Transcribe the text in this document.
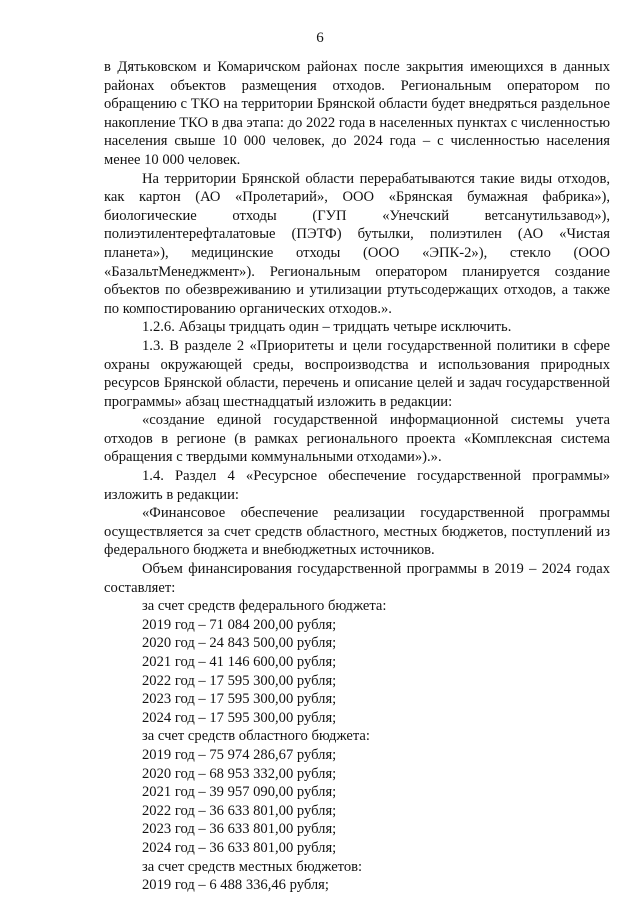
6

в Дятьковском и Комаричском районах после закрытия имеющихся в данных районах объектов размещения отходов. Региональным оператором по обращению с ТКО на территории Брянской области будет внедряться раздельное накопление ТКО в два этапа: до 2022 года в населенных пунктах с численностью населения свыше 10 000 человек, до 2024 года – с численностью населения менее 10 000 человек.

На территории Брянской области перерабатываются такие виды отходов, как картон (АО «Пролетарий», ООО «Брянская бумажная фабрика»), биологические отходы (ГУП «Унечский ветсанутильзавод»), полиэтилентерефталатовые (ПЭТФ) бутылки, полиэтилен (АО «Чистая планета»), медицинские отходы (ООО «ЭПК-2»), стекло (ООО «БазальтМенеджмент»). Региональным оператором планируется создание объектов по обезвреживанию и утилизации ртутьсодержащих отходов, а также по компостированию органических отходов.».

1.2.6. Абзацы тридцать один – тридцать четыре исключить.

1.3. В разделе 2 «Приоритеты и цели государственной политики в сфере охраны окружающей среды, воспроизводства и использования природных ресурсов Брянской области, перечень и описание целей и задач государственной программы» абзац шестнадцатый изложить в редакции:

«создание единой государственной информационной системы учета отходов в регионе (в рамках регионального проекта «Комплексная система обращения с твердыми коммунальными отходами»).».

1.4. Раздел 4 «Ресурсное обеспечение государственной программы» изложить в редакции:

«Финансовое обеспечение реализации государственной программы осуществляется за счет средств областного, местных бюджетов, поступлений из федерального бюджета и внебюджетных источников.

Объем финансирования государственной программы в 2019 – 2024 годах составляет:

за счет средств федерального бюджета:
2019 год – 71 084 200,00 рубля;
2020 год – 24 843 500,00 рубля;
2021 год – 41 146 600,00 рубля;
2022 год – 17 595 300,00 рубля;
2023 год – 17 595 300,00 рубля;
2024 год – 17 595 300,00 рубля;
за счет средств областного бюджета:
2019 год – 75 974 286,67 рубля;
2020 год – 68 953 332,00 рубля;
2021 год – 39 957 090,00 рубля;
2022 год – 36 633 801,00 рубля;
2023 год – 36 633 801,00 рубля;
2024 год – 36 633 801,00 рубля;
за счет средств местных бюджетов:
2019 год – 6 488 336,46 рубля;
